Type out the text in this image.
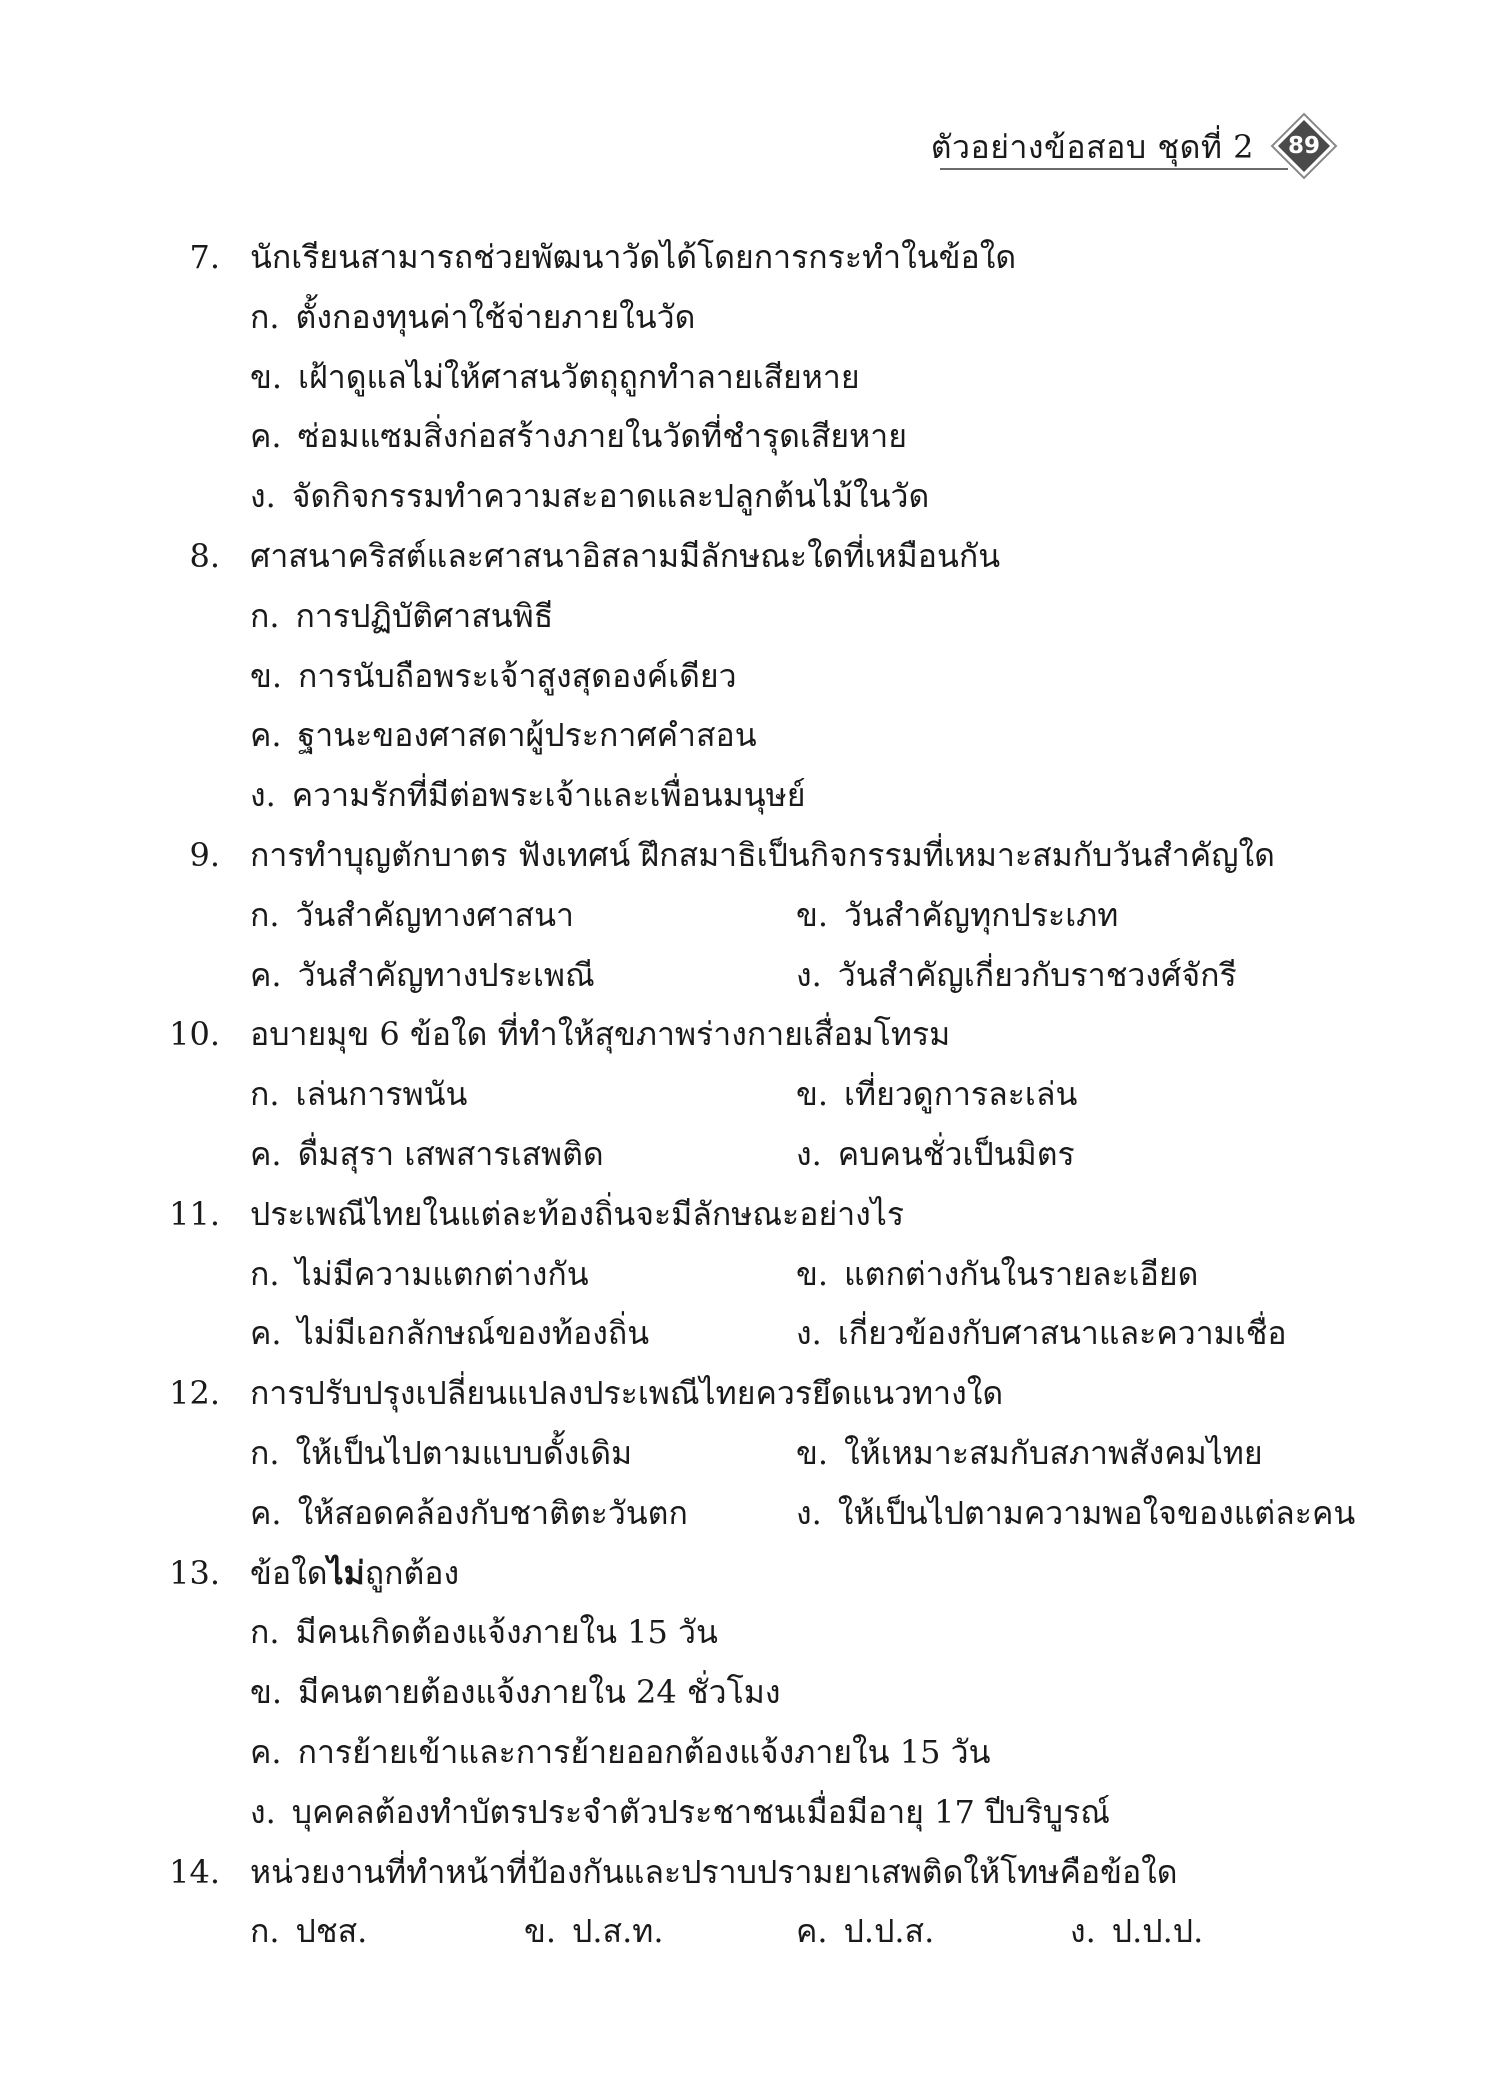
ตัวอย่างข้อสอบ ชุดที่ 2	89
7. นักเรียนสามารถช่วยพัฒนาวัดได้โดยการกระทำในข้อใด
ก. ตั้งกองทุนค่าใช้จ่ายภายในวัด
ข. เฝ้าดูแลไม่ให้ศาสนวัตถุถูกทำลายเสียหาย
ค. ซ่อมแซมสิ่งก่อสร้างภายในวัดที่ชำรุดเสียหาย
ง. จัดกิจกรรมทำความสะอาดและปลูกต้นไม้ในวัด
8. ศาสนาคริสต์และศาสนาอิสลามมีลักษณะใดที่เหมือนกัน
ก. การปฏิบัติศาสนพิธี
ข. การนับถือพระเจ้าสูงสุดองค์เดียว
ค. ฐานะของศาสดาผู้ประกาศคำสอน
ง. ความรักที่มีต่อพระเจ้าและเพื่อนมนุษย์
9. การทำบุญตักบาตร ฟังเทศน์ ฝึกสมาธิเป็นกิจกรรมที่เหมาะสมกับวันสำคัญใด
ก. วันสำคัญทางศาสนา	ข. วันสำคัญทุกประเภท
ค. วันสำคัญทางประเพณี	ง. วันสำคัญเกี่ยวกับราชวงศ์จักรี
10. อบายมุข 6 ข้อใด ที่ทำให้สุขภาพร่างกายเสื่อมโทรม
ก. เล่นการพนัน	ข. เที่ยวดูการละเล่น
ค. ดื่มสุรา เสพสารเสพติด	ง. คบคนชั่วเป็นมิตร
11. ประเพณีไทยในแต่ละท้องถิ่นจะมีลักษณะอย่างไร
ก. ไม่มีความแตกต่างกัน	ข. แตกต่างกันในรายละเอียด
ค. ไม่มีเอกลักษณ์ของท้องถิ่น	ง. เกี่ยวข้องกับศาสนาและความเชื่อ
12. การปรับปรุงเปลี่ยนแปลงประเพณีไทยควรยึดแนวทางใด
ก. ให้เป็นไปตามแบบดั้งเดิม	ข. ให้เหมาะสมกับสภาพสังคมไทย
ค. ให้สอดคล้องกับชาติตะวันตก	ง. ให้เป็นไปตามความพอใจของแต่ละคน
13. ข้อใดไม่ถูกต้อง
ก. มีคนเกิดต้องแจ้งภายใน 15 วัน
ข. มีคนตายต้องแจ้งภายใน 24 ชั่วโมง
ค. การย้ายเข้าและการย้ายออกต้องแจ้งภายใน 15 วัน
ง. บุคคลต้องทำบัตรประจำตัวประชาชนเมื่อมีอายุ 17 ปีบริบูรณ์
14. หน่วยงานที่ทำหน้าที่ป้องกันและปราบปรามยาเสพติดให้โทษคือข้อใด
ก. ปชส.	ข. ป.ส.ท.	ค. ป.ป.ส.	ง. ป.ป.ป.
